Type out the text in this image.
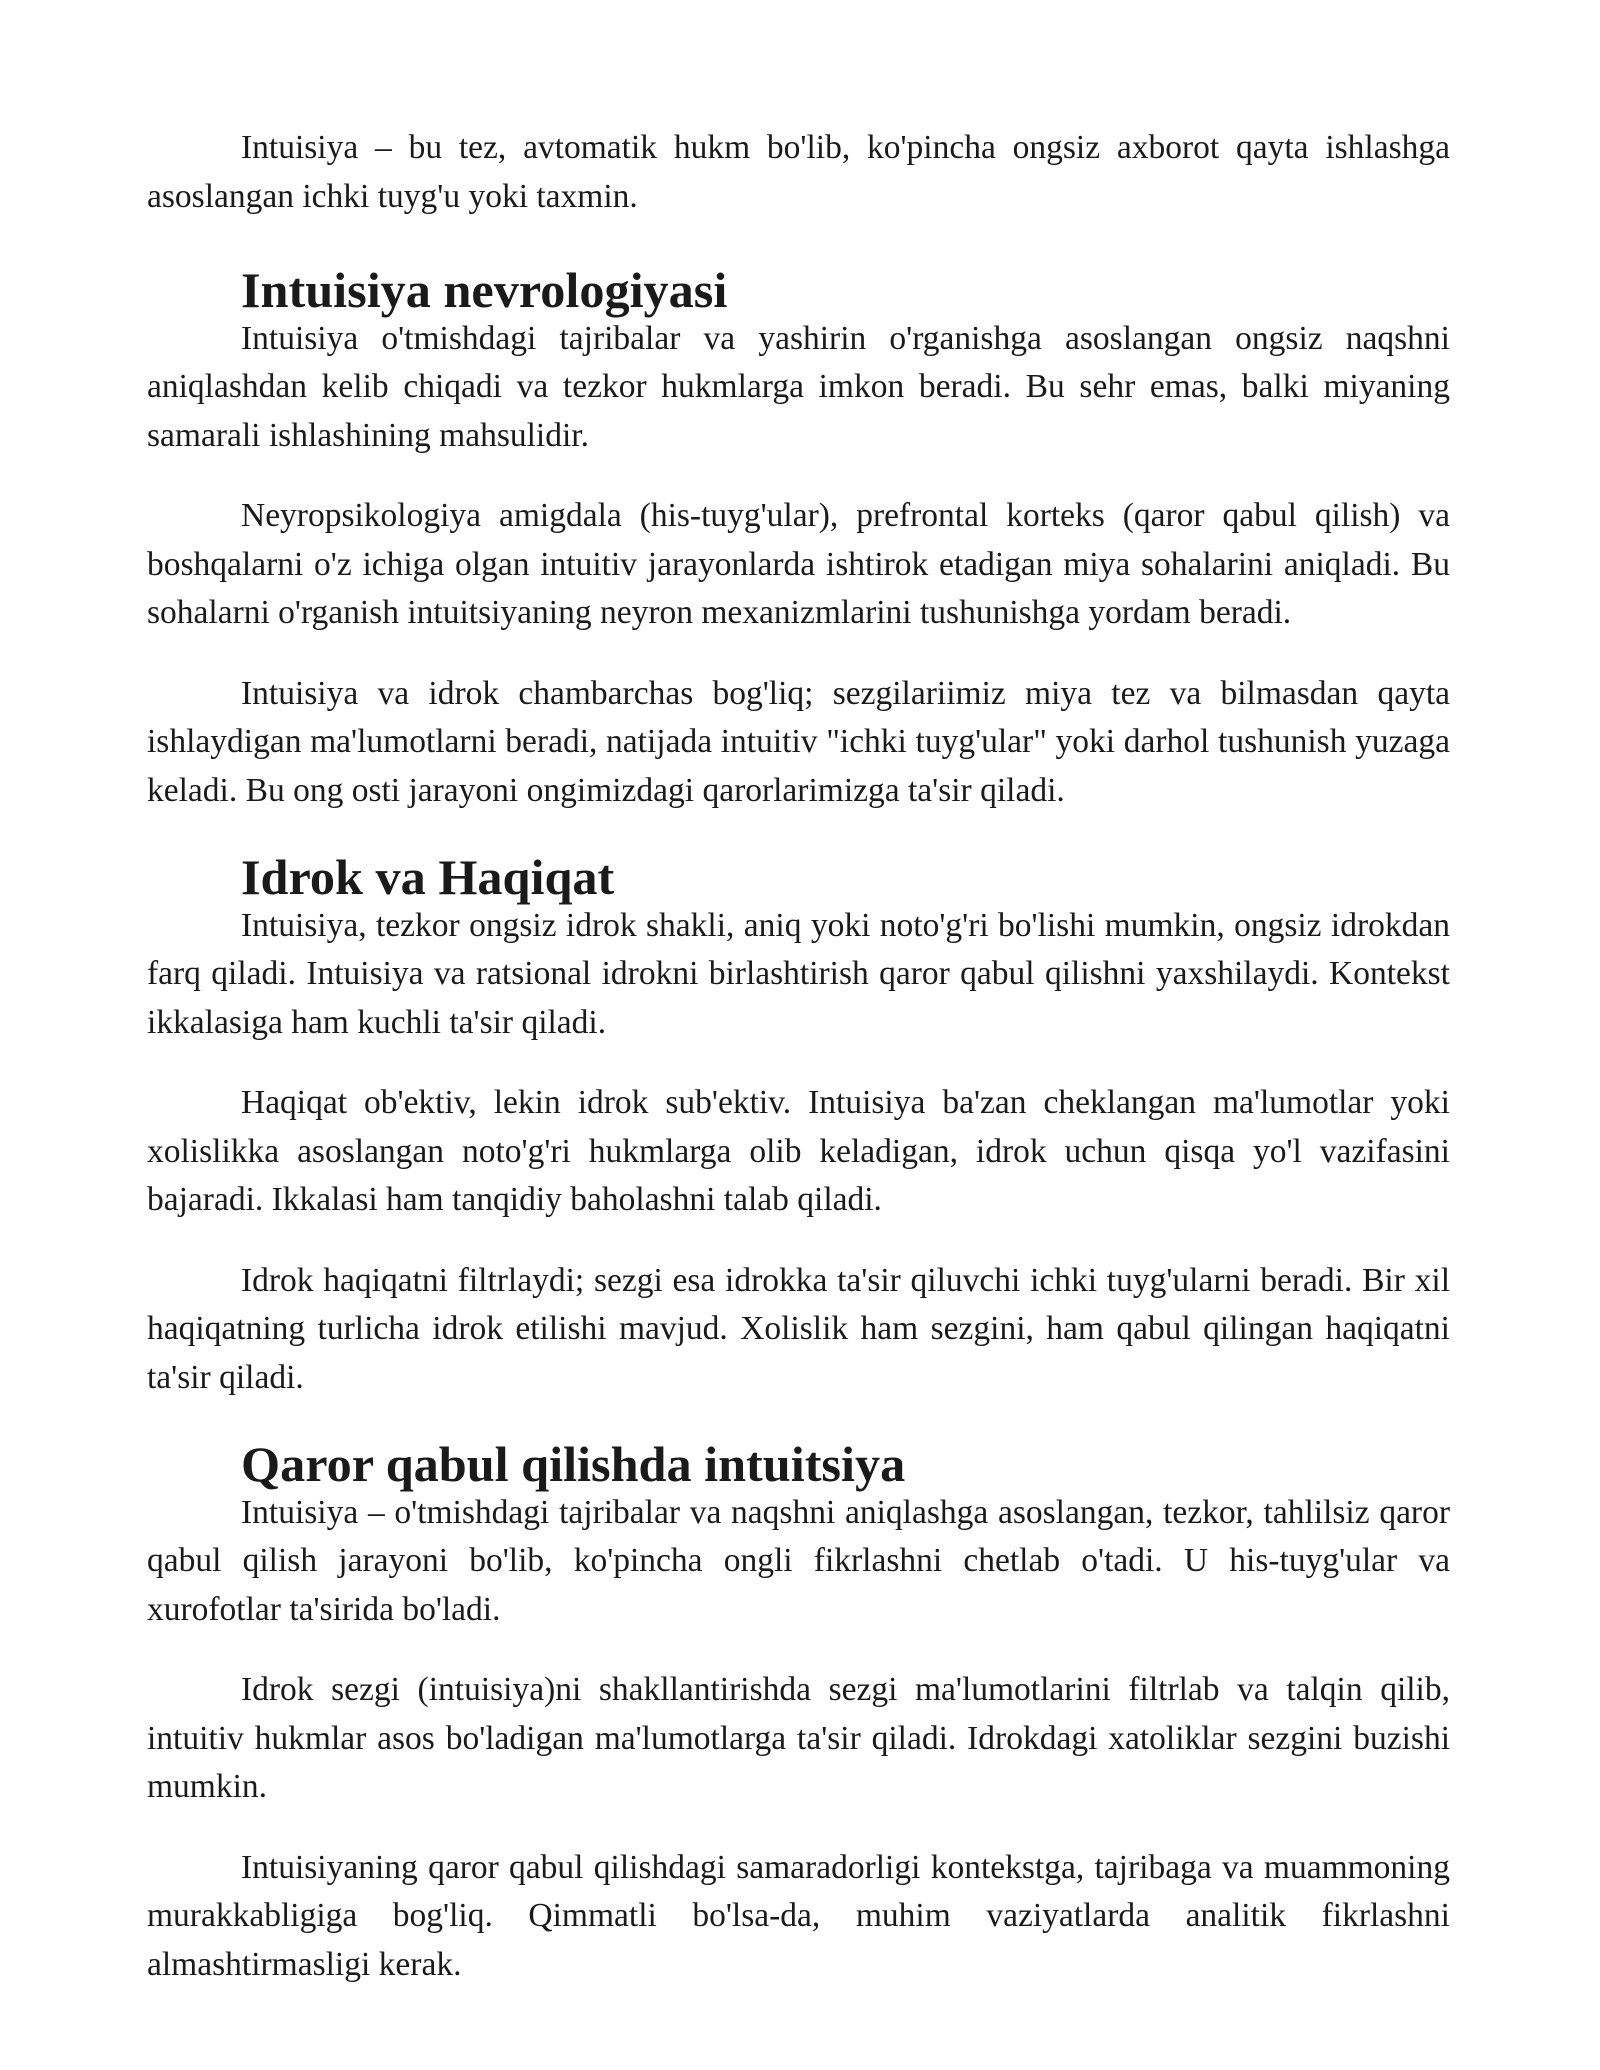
Intuisiya – bu tez, avtomatik hukm bo'lib, ko'pincha ongsiz axborot qayta ishlashga asoslangan ichki tuyg'u yoki taxmin.

Intuisiya nevrologiyasi

Intuisiya o'tmishdagi tajribalar va yashirin o'rganishga asoslangan ongsiz naqshni aniqlashdan kelib chiqadi va tezkor hukmlarga imkon beradi. Bu sehr emas, balki miyaning samarali ishlashining mahsulidir.

Neyropsikologiya amigdala (his-tuyg'ular), prefrontal korteks (qaror qabul qilish) va boshqalarni o'z ichiga olgan intuitiv jarayonlarda ishtirok etadigan miya sohalarini aniqladi. Bu sohalarni o'rganish intuitsiyaning neyron mexanizmlarini tushunishga yordam beradi.

Intuisiya va idrok chambarchas bog'liq; sezgilariimiz miya tez va bilmasdan qayta ishlaydigan ma'lumotlarni beradi, natijada intuitiv "ichki tuyg'ular" yoki darhol tushunish yuzaga keladi. Bu ong osti jarayoni ongimizdagi qarorlarimizga ta'sir qiladi.

Idrok va Haqiqat

Intuisiya, tezkor ongsiz idrok shakli, aniq yoki noto'g'ri bo'lishi mumkin, ongsiz idrokdan farq qiladi. Intuisiya va ratsional idrokni birlashtirish qaror qabul qilishni yaxshilaydi. Kontekst ikkalasiga ham kuchli ta'sir qiladi.

Haqiqat ob'ektiv, lekin idrok sub'ektiv. Intuisiya ba'zan cheklangan ma'lumotlar yoki xolislikka asoslangan noto'g'ri hukmlarga olib keladigan, idrok uchun qisqa yo'l vazifasini bajaradi. Ikkalasi ham tanqidiy baholashni talab qiladi.

Idrok haqiqatni filtrlaydi; sezgi esa idrokka ta'sir qiluvchi ichki tuyg'ularni beradi. Bir xil haqiqatning turlicha idrok etilishi mavjud. Xolislik ham sezgini, ham qabul qilingan haqiqatni ta'sir qiladi.

Qaror qabul qilishda intuitsiya

Intuisiya – o'tmishdagi tajribalar va naqshni aniqlashga asoslangan, tezkor, tahlilsiz qaror qabul qilish jarayoni bo'lib, ko'pincha ongli fikrlashni chetlab o'tadi. U his-tuyg'ular va xurofotlar ta'sirida bo'ladi.

Idrok sezgi (intuisiya)ni shakllantirishda sezgi ma'lumotlarini filtrlab va talqin qilib, intuitiv hukmlar asos bo'ladigan ma'lumotlarga ta'sir qiladi. Idrokdagi xatoliklar sezgini buzishi mumkin.

Intuisiyaning qaror qabul qilishdagi samaradorligi kontekstga, tajribaga va muammoning murakkabligiga bog'liq. Qimmatli bo'lsa-da, muhim vaziyatlarda analitik fikrlashni almashtirmasligi kerak.
